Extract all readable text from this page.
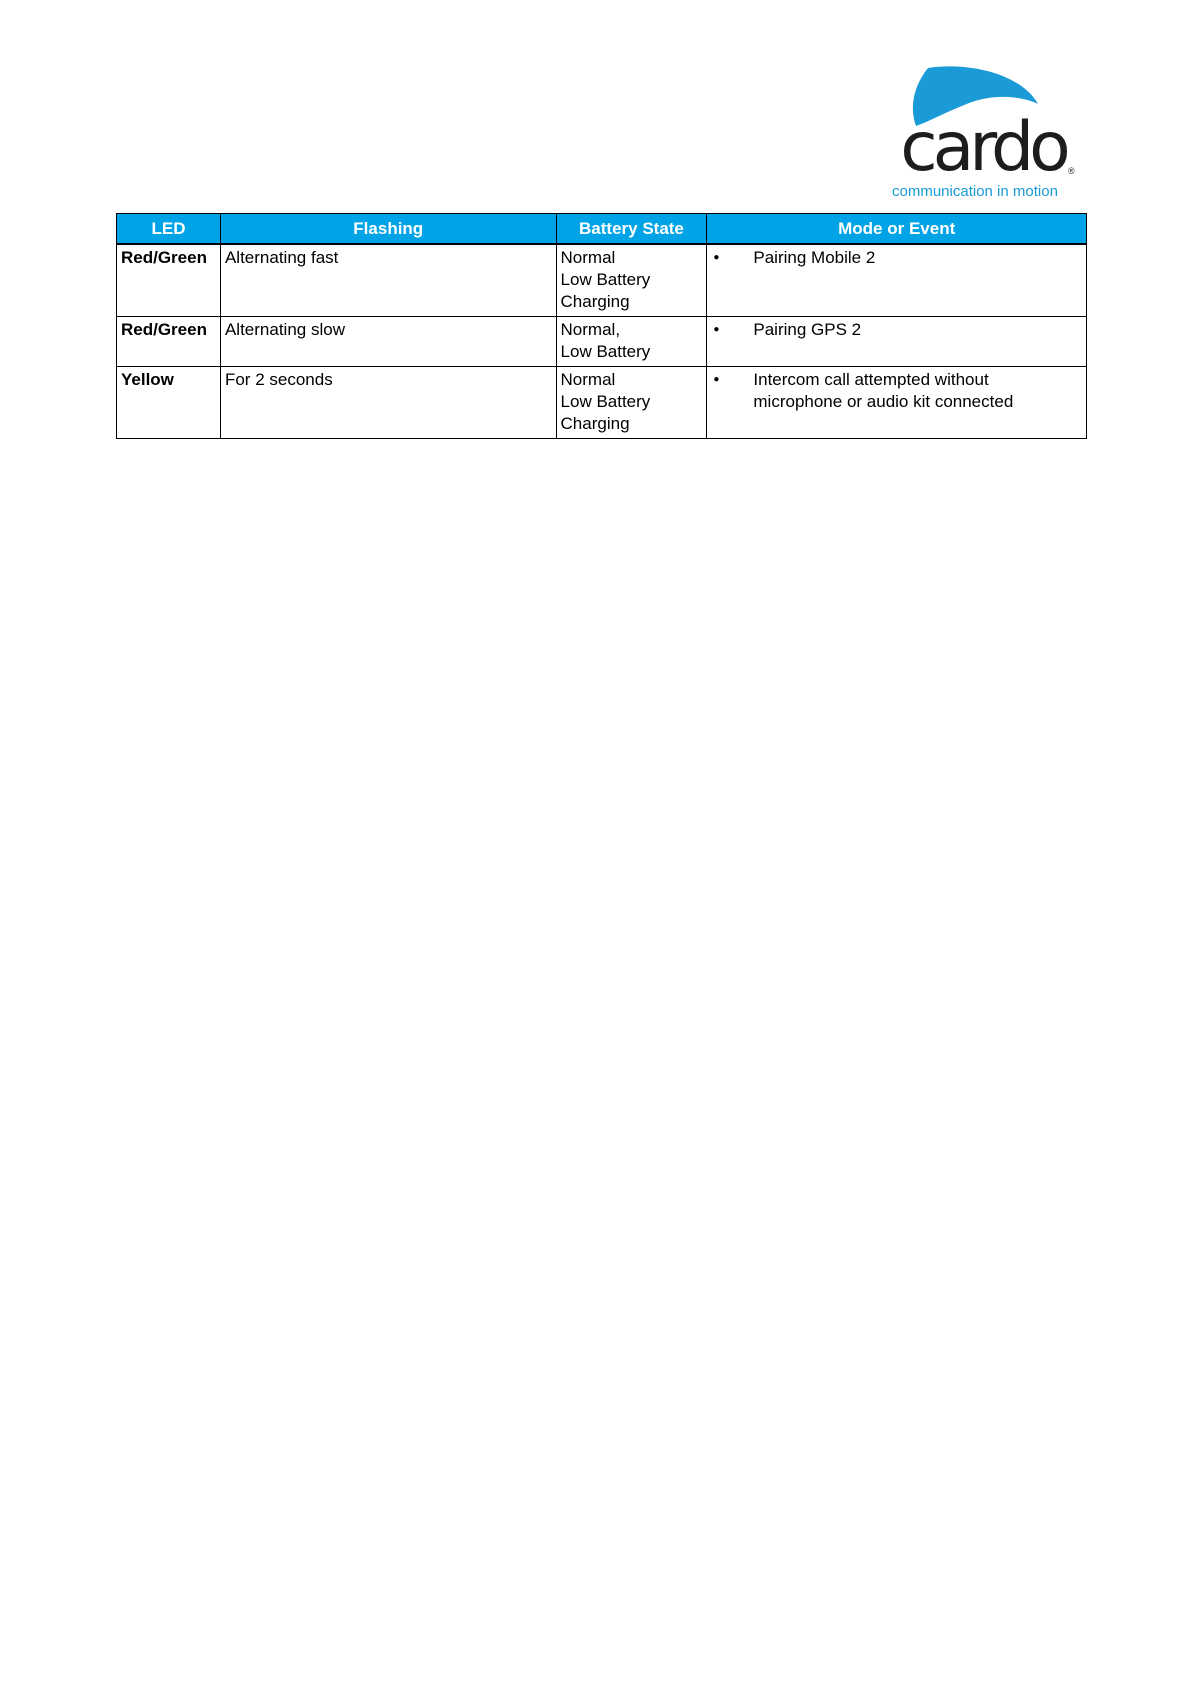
cardo ®
communication in motion
LED	Flashing	Battery State	Mode or Event
Red/Green	Alternating fast	Normal
Low Battery
Charging	● Pairing Mobile 2

Red/Green	Alternating slow	Normal,
Low Battery	● Pairing GPS 2

Yellow	For 2 seconds	Normal
Low Battery
Charging	● Intercom call attempted without
microphone or audio kit connected
